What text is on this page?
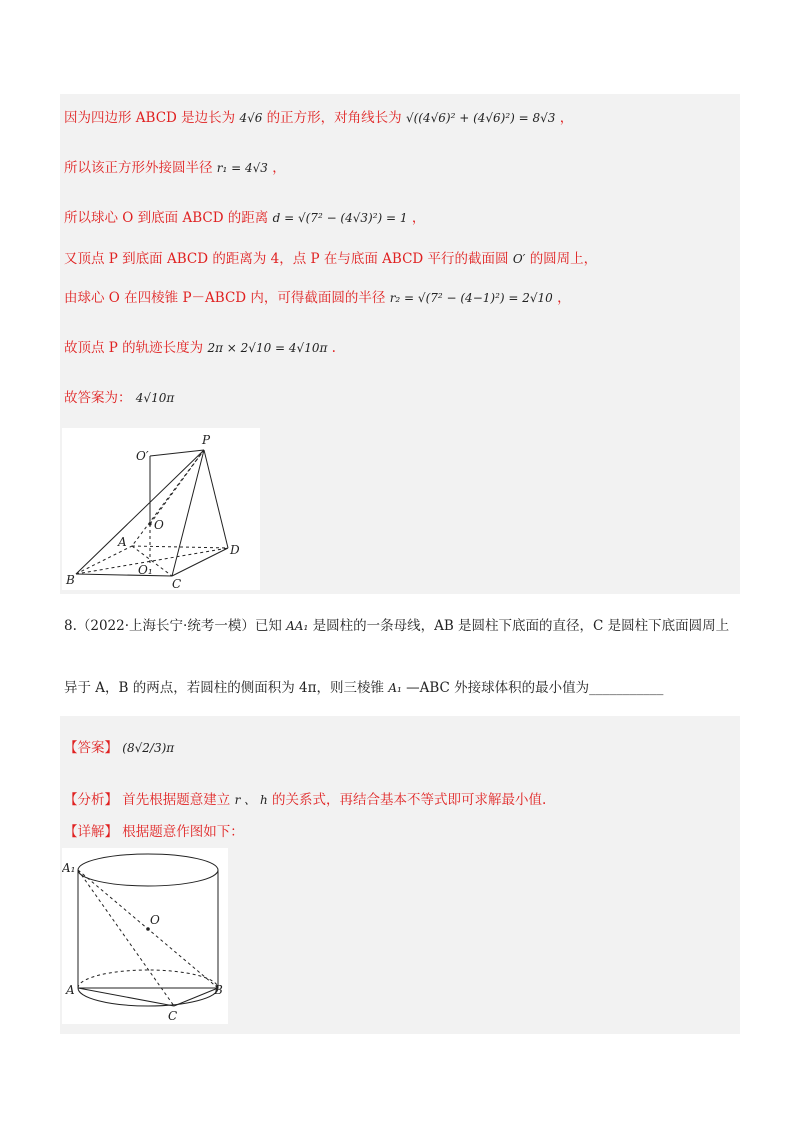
因为四边形 ABCD 是边长为 4√6 的正方形，对角线长为 √((4√6)² + (4√6)²) = 8√3 ，
所以该正方形外接圆半径 r₁ = 4√3 ，
所以球心 O 到底面 ABCD 的距离 d = √(7² − (4√3)²) = 1 ，
又顶点 P 到底面 ABCD 的距离为 4，点 P 在与底面 ABCD 平行的截面圆 O′ 的圆周上，
由球心 O 在四棱锥 P－ABCD 内，可得截面圆的半径 r₂ = √(7² − (4−1)²) = 2√10 ，
故顶点 P 的轨迹长度为 2π × 2√10 = 4√10π .
故答案为： 4√10π
O′
P
O
A
D
B
O₁
C
8.（2022·上海长宁·统考一模）已知 AA₁ 是圆柱的一条母线，AB 是圆柱下底面的直径，C 是圆柱下底面圆周上
异于 A，B 的两点，若圆柱的侧面积为 4π，则三棱锥 A₁ —ABC 外接球体积的最小值为___________
【答案】 (8√2/3)π
【分析】 首先根据题意建立 r 、 h 的关系式，再结合基本不等式即可求解最小值.
【详解】 根据题意作图如下：
A₁
O
A	B
C
